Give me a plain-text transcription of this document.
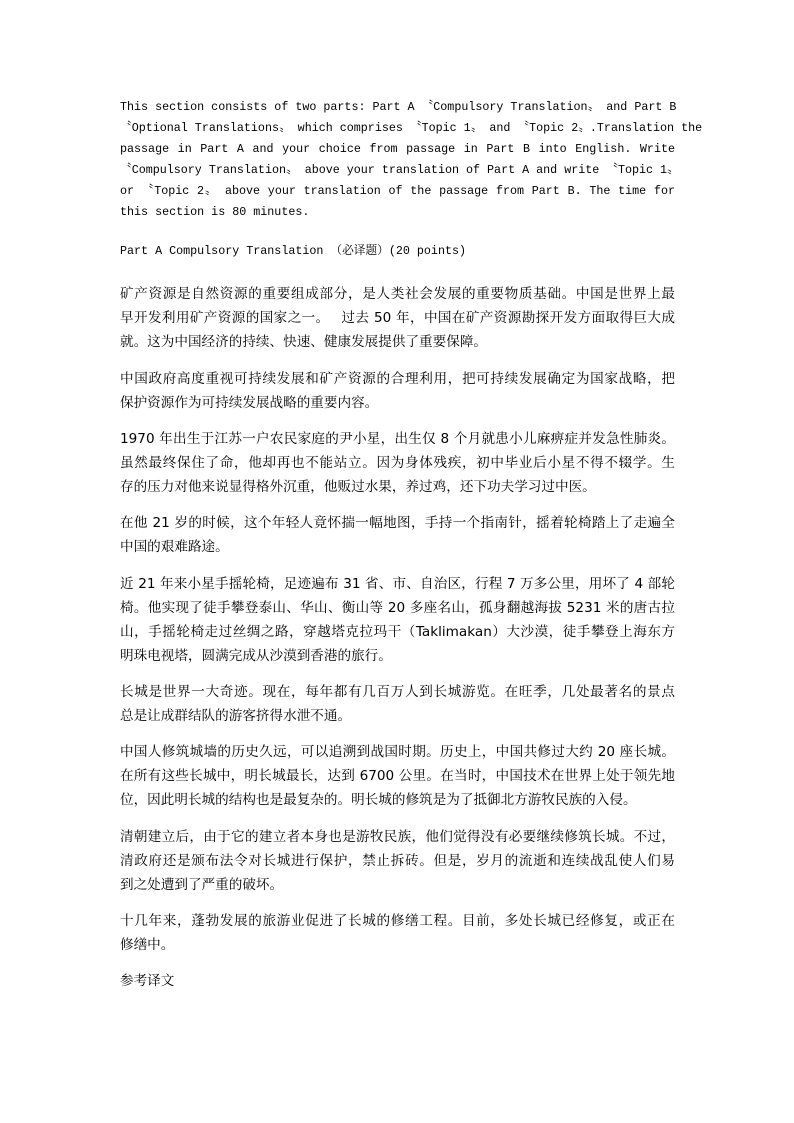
This section consists of two parts: Part A 〝Compulsory Translation〟 and Part B
〝Optional Translations〟 which comprises 〝Topic 1〟 and 〝Topic 2〟.Translation the
passage in Part A and your choice from passage in Part B into English. Write
〝Compulsory Translation〟 above your translation of Part A and write 〝Topic 1〟
or 〝Topic 2〟 above your translation of the passage from Part B. The time for
this section is 80 minutes.
Part A Compulsory Translation （必译题）(20 points)
矿产资源是自然资源的重要组成部分，是人类社会发展的重要物质基础。中国是世界上最
早开发利用矿产资源的国家之一。　 过去 50 年，中国在矿产资源勘探开发方面取得巨大成
就。这为中国经济的持续、快速、健康发展提供了重要保障。
中国政府高度重视可持续发展和矿产资源的合理利用，把可持续发展确定为国家战略，把
保护资源作为可持续发展战略的重要内容。
1970 年出生于江苏一户农民家庭的尹小星，出生仅 8 个月就患小儿麻痹症并发急性肺炎。
虽然最终保住了命，他却再也不能站立。因为身体残疾，初中毕业后小星不得不辍学。生
存的压力对他来说显得格外沉重，他贩过水果，养过鸡，还下功夫学习过中医。
在他 21 岁的时候，这个年轻人竟怀揣一幅地图，手持一个指南针，摇着轮椅踏上了走遍全
中国的艰难路途。
近 21 年来小星手摇轮椅，足迹遍布 31 省、市、自治区，行程 7 万多公里，用坏了 4 部轮
椅。他实现了徒手攀登泰山、华山、衡山等 20 多座名山，孤身翻越海拔 5231 米的唐古拉
山，手摇轮椅走过丝绸之路，穿越塔克拉玛干（Taklimakan）大沙漠，徒手攀登上海东方
明珠电视塔，圆满完成从沙漠到香港的旅行。
长城是世界一大奇迹。现在，每年都有几百万人到长城游览。在旺季，几处最著名的景点
总是让成群结队的游客挤得水泄不通。
中国人修筑城墙的历史久远，可以追溯到战国时期。历史上，中国共修过大约 20 座长城。
在所有这些长城中，明长城最长，达到 6700 公里。在当时，中国技术在世界上处于领先地
位，因此明长城的结构也是最复杂的。明长城的修筑是为了抵御北方游牧民族的入侵。
清朝建立后，由于它的建立者本身也是游牧民族，他们觉得没有必要继续修筑长城。不过，
清政府还是颁布法令对长城进行保护，禁止拆砖。但是，岁月的流逝和连续战乱使人们易
到之处遭到了严重的破坏。
十几年来，蓬勃发展的旅游业促进了长城的修缮工程。目前，多处长城已经修复，或正在
修缮中。
参考译文
